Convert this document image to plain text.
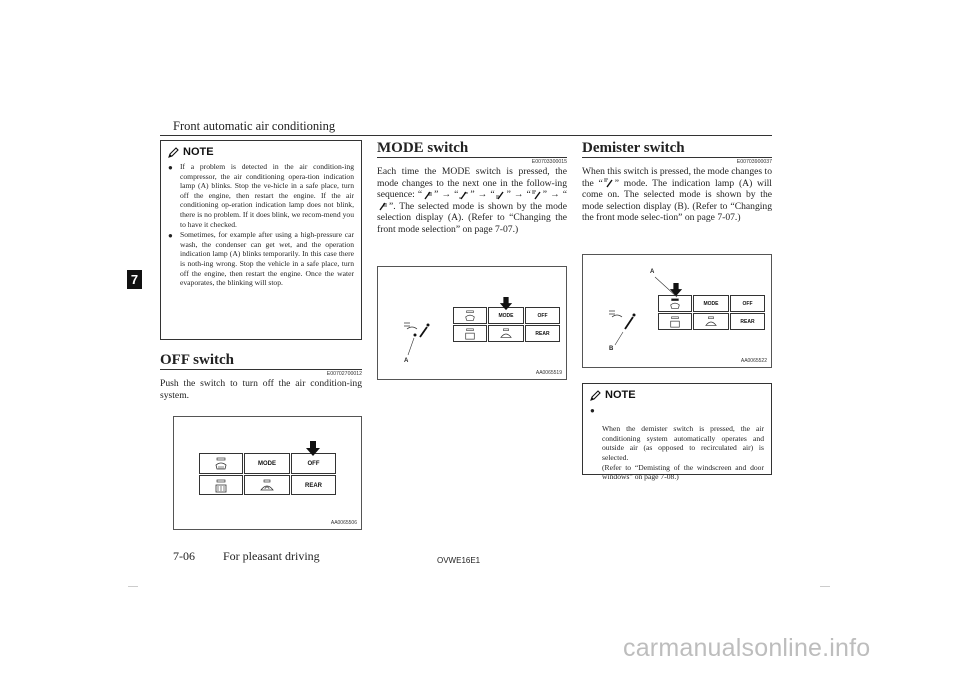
Front automatic air conditioning
7
NOTE
● If a problem is detected in the air condition-ing compressor, the air conditioning opera-tion indication lamp (A) blinks. Stop the ve-hicle in a safe place, turn off the engine, then restart the engine. If the air conditioning op-eration indication lamp does not blink, there is no problem. If it does blink, we recom-mend you to have it checked.
● Sometimes, for example after using a high-pressure car wash, the condenser can get wet, and the operation indication lamp (A) blinks temporarily. In this case there is noth-ing wrong. Stop the vehicle in a safe place, turn off the engine, then restart the engine. Once the water evaporates, the blinking will stop.
OFF switch
E00702700012
Push the switch to turn off the air condition-ing system.
MODE	OFF
REAR
AA0065506
MODE switch
E00703300015
Each time the MODE switch is pressed, the mode changes to the next one in the follow-ing sequence: “ ” → “ ” → “ ” → “ ” → “”. The selected mode is shown by the mode selection display (A). (Refer to “Changing the front mode selection” on page 7-07.)
MODE	OFF
REAR
A
AA0065519
Demister switch
E00703900037
When this switch is pressed, the mode changes to the “ ” mode. The indication lamp (A) will come on. The selected mode is shown by the mode selection display (B). (Refer to “Changing the front mode selec-tion” on page 7-07.)
MODE	OFF
REAR
A
B
AA0065522
NOTE

●

When the demister switch is pressed, the air conditioning system automatically operates and outside air (as opposed to recirculated air) is selected.
(Refer to “Demisting of the windscreen and door windows” on page 7-08.)

7-06 For pleasant driving	OVWE16E1
carmanualsonline.info
